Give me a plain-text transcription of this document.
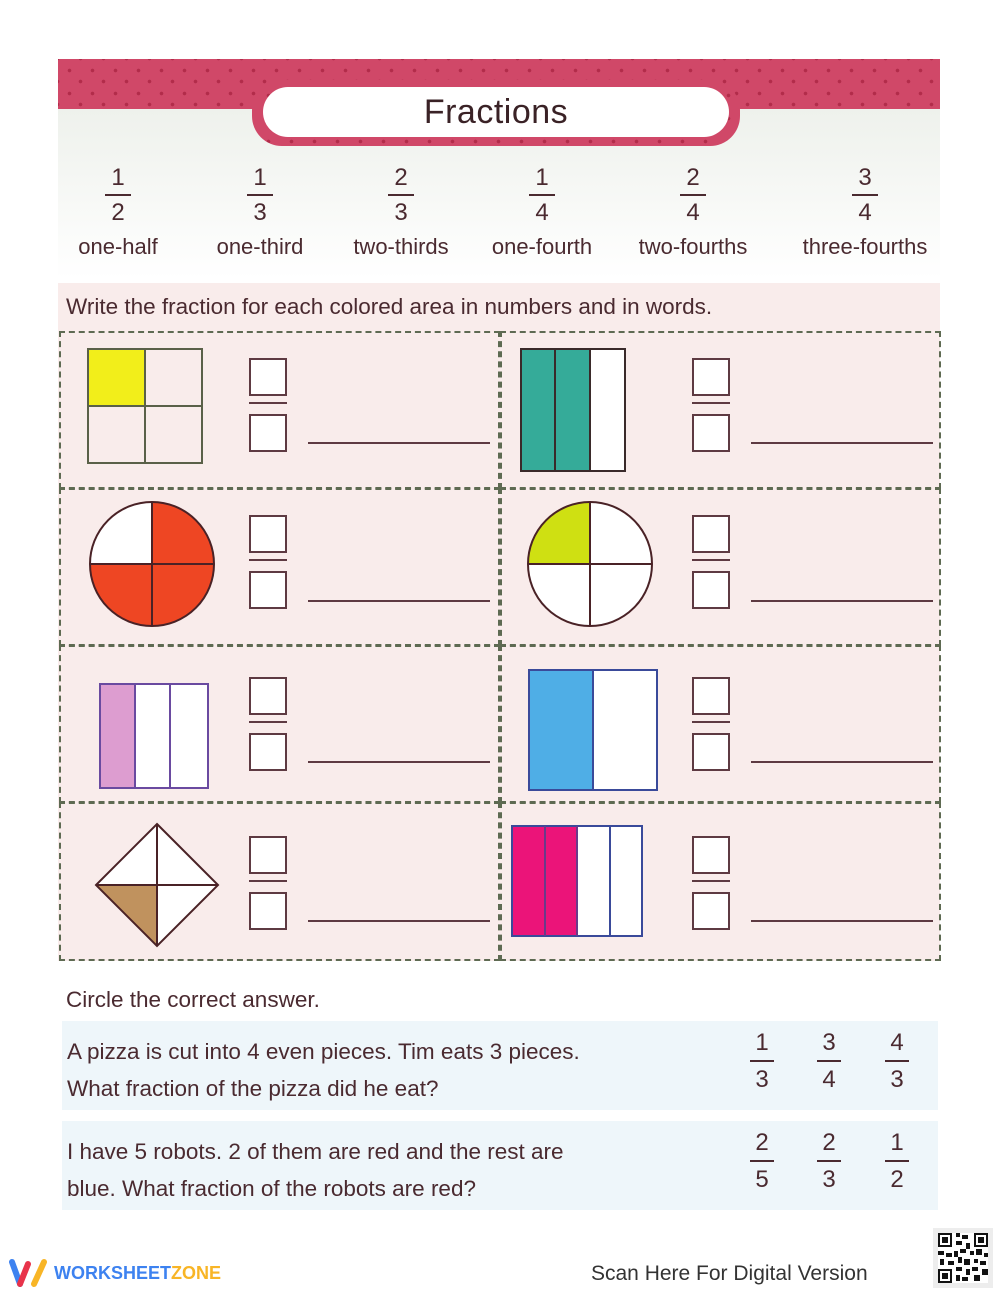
Fractions
$\frac{1}{2}$
one-half
$\frac{1}{3}$
one-third
$\frac{2}{3}$
two-thirds
$\frac{1}{4}$
one-fourth
$\frac{2}{4}$
two-fourths
$\frac{3}{4}$
three-fourths
Write the fraction for each colored area in numbers and in words.
Circle the correct answer.
A pizza is cut into 4 even pieces. Tim eats 3 pieces.
What fraction of the pizza did he eat?	$\frac{1}{3} \frac{3}{4} \frac{4}{3}$
I have 5 robots. 2 of them are red and the rest are
blue. What fraction of the robots are red?	$\frac{2}{5} \frac{2}{3} \frac{1}{2}$
WORKSHEETZONE	Scan Here For Digital Version
